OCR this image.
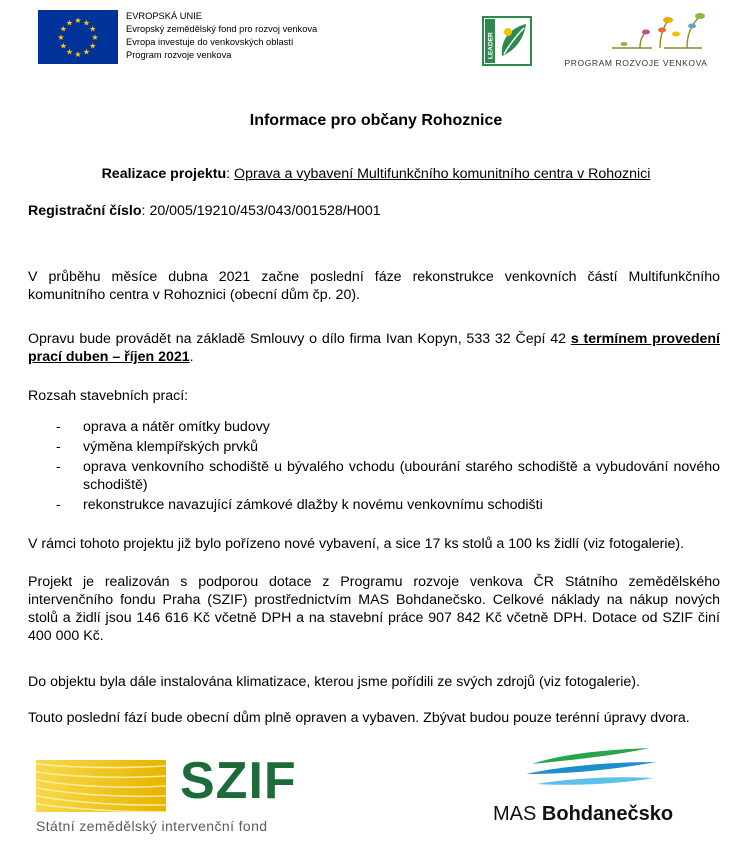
★ ★
★
★
★
★
★
★
★
★
★
★
EVROPSKÁ UNIE
Evropský zemědělský fond pro rozvoj venkova
Evropa investuje do venkovských oblastí
Program rozvoje venkova	LEADER
PROGRAM ROZVOJE VENKOVA
Informace pro občany Rohoznice
Realizace projektu: Oprava a vybavení Multifunkčního komunitního centra v Rohoznici
Registrační číslo: 20/005/19210/453/043/001528/H001
V průběhu měsíce dubna 2021 začne poslední fáze rekonstrukce venkovních částí Multifunkčního komunitního centra v Rohoznici (obecní dům čp. 20).
Opravu bude provádět na základě Smlouvy o dílo firma Ivan Kopyn, 533 32 Čepí 42 s termínem provedení prací duben – říjen 2021.
Rozsah stavebních prací:
- oprava a nátěr omítky budovy
- výměna klempířských prvků
- oprava venkovního schodiště u bývalého vchodu (ubourání starého schodiště a vybudování nového schodiště)
- rekonstrukce navazující zámkové dlažby k novému venkovnímu schodišti
V rámci tohoto projektu již bylo pořízeno nové vybavení, a sice 17 ks stolů a 100 ks židlí (viz fotogalerie).
Projekt je realizován s podporou dotace z Programu rozvoje venkova ČR Státního zemědělského intervenčního fondu Praha (SZIF) prostřednictvím MAS Bohdanečsko. Celkové náklady na nákup nových stolů a židlí jsou 146 616 Kč včetně DPH a na stavební práce 907 842 Kč včetně DPH. Dotace od SZIF činí 400 000 Kč.
Do objektu byla dále instalována klimatizace, kterou jsme pořídili ze svých zdrojů (viz fotogalerie).
Touto poslední fází bude obecní dům plně opraven a vybaven. Zbývat budou pouze terénní úpravy dvora.
SZIF
Státní zemědělský intervenční fond
MAS Bohdanečsko
